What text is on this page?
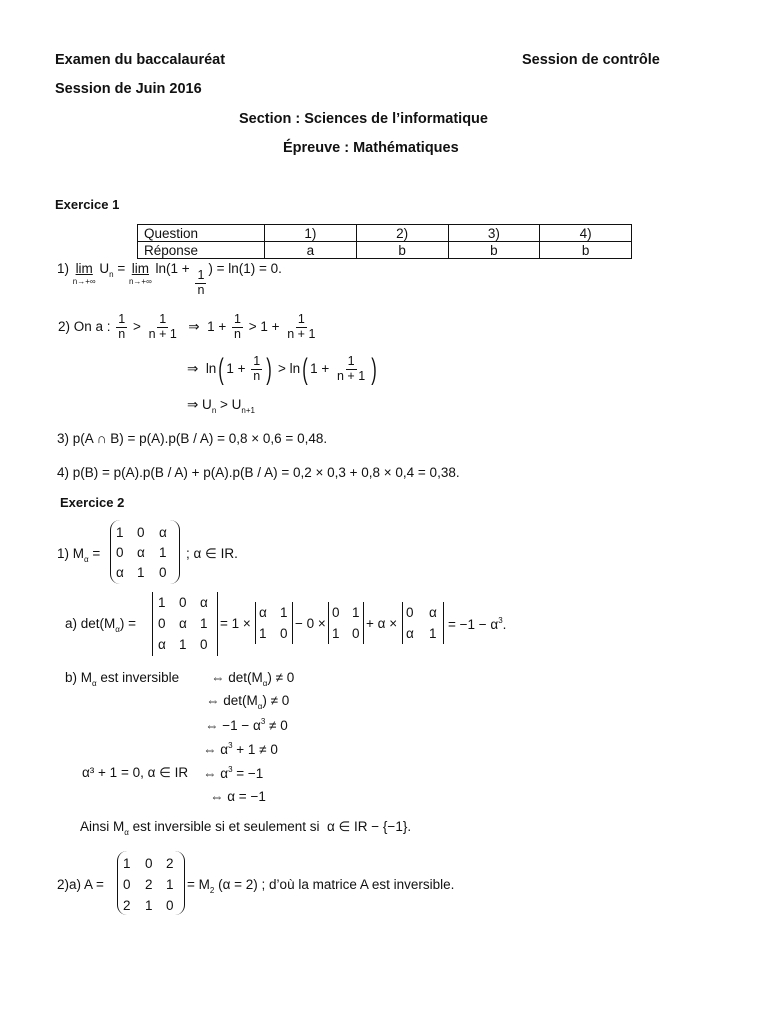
Examen du baccalauréat	Session de contrôle
Session de Juin 2016
Section : Sciences de l’informatique
Épreuve : Mathématiques
Exercice 1
Question	1)	2)	3)	4)
Réponse	a	b	b	b
1) lim
n→+∞
$U_n = \lim$
n→+∞
ln(1 +
$\frac{1}{n}$
) = ln(1) = 0.
2) On a : $\frac{1}{n} > \frac{1}{n + 1}$ ⇒  $1 + \frac{1}{n} > 1 + \frac{1}{n + 1}$
⇒  ln( $1 + \frac{1}{n}$ ) > ln( $1 + \frac{1}{n + 1}$ )
⇒ $U_n > U_{n+1}$
3) p(A ∩ B) = p(A).p(B / A) = 0,8 × 0,6 = 0,48.
4) p(B) = p(A).p(B / A) + p(A).p(B / A) = 0,2 × 0,3 + 0,8 × 0,4 = 0,38.
Exercice 2
1) $M_\alpha$ =
1 0 α
0 α 1
α 1 0
; α ∈ IR.
a) $\det(M_\alpha)$ =
1 0 α
0 α 1
α 1 0
= 1 ×
α 1
1 0
− 0 ×
0 1
1 0
+ α ×
0 α
α 1
= $-1 - \alpha^3$.
b) $M_\alpha$ est inversible ⇔ $\det(M_\alpha) \ne 0$
⇔ $\det(M_\alpha) \ne 0$
⇔ $-1 - \alpha^3 \ne 0$
⇔ $\alpha^3 + 1 \ne 0$
α³ + 1 = 0, α ∈ IR ⇔ $\alpha^3 = -1$
⇔ α = −1
Ainsi $M_\alpha$ est inversible si et seulement si  α ∈ IR − {−1}.
2)a) A =
1 0 2
0 2 1
2 1 0
= $M_2$ (α = 2) ; d’où la matrice A est inversible.
